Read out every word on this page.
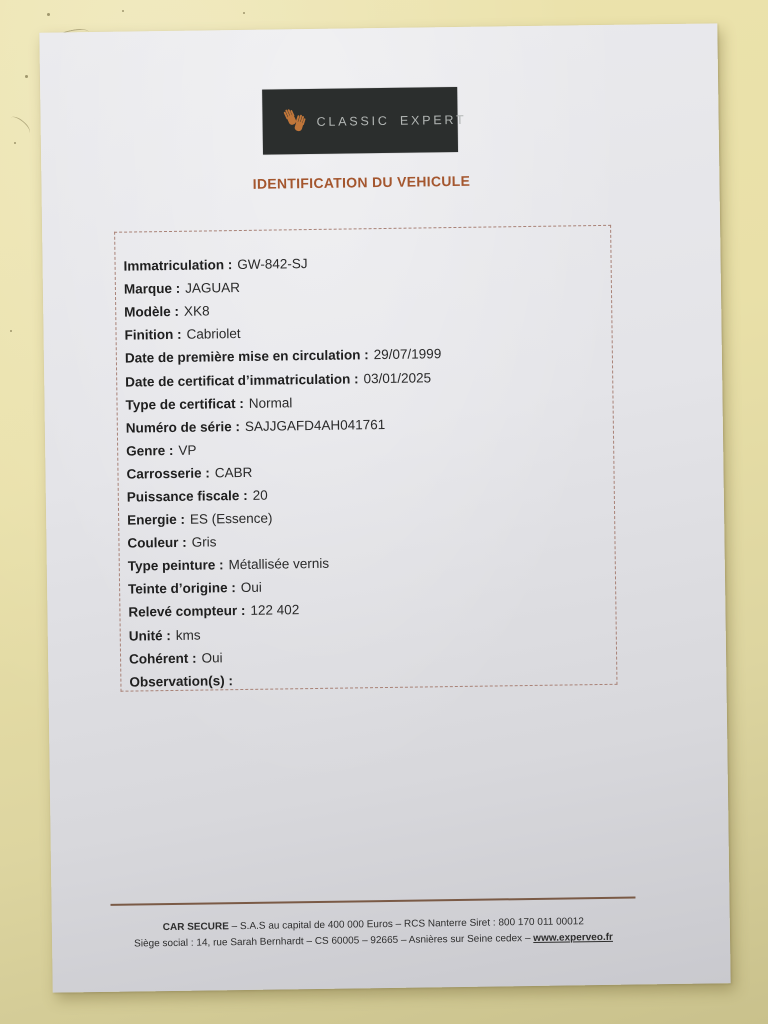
CLASSIC EXPERT
IDENTIFICATION DU VEHICULE
Immatriculation : GW-842-SJ
Marque : JAGUAR
Modèle : XK8
Finition : Cabriolet
Date de première mise en circulation : 29/07/1999
Date de certificat d’immatriculation : 03/01/2025
Type de certificat : Normal
Numéro de série : SAJJGAFD4AH041761
Genre : VP
Carrosserie : CABR
Puissance fiscale : 20
Energie : ES (Essence)
Couleur : Gris
Type peinture : Métallisée vernis
Teinte d’origine : Oui
Relevé compteur : 122 402
Unité : kms
Cohérent : Oui
Observation(s) :
CAR SECURE – S.A.S au capital de 400 000 Euros – RCS Nanterre Siret : 800 170 011 00012
Siège social : 14, rue Sarah Bernhardt – CS 60005 – 92665 – Asnières sur Seine cedex – www.experveo.fr
